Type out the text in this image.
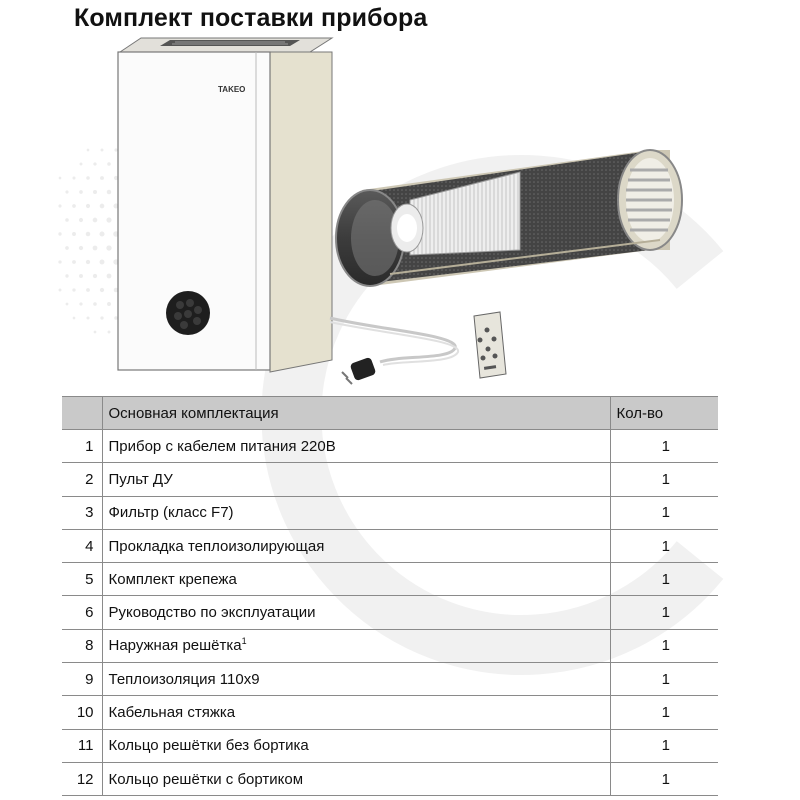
Комплект поставки прибора
TAKEO
	Основная комплектация	Кол-во
1	Прибор с кабелем питания 220В	1
2	Пульт ДУ	1
3	Фильтр (класс F7)	1
4	Прокладка теплоизолирующая	1
5	Комплект крепежа	1
6	Руководство по эксплуатации	1
8	Наружная решётка$^1$	1
9	Теплоизоляция 110x9	1
10	Кабельная стяжка	1
11	Кольцо решётки без бортика	1
12	Кольцо решётки с бортиком	1
